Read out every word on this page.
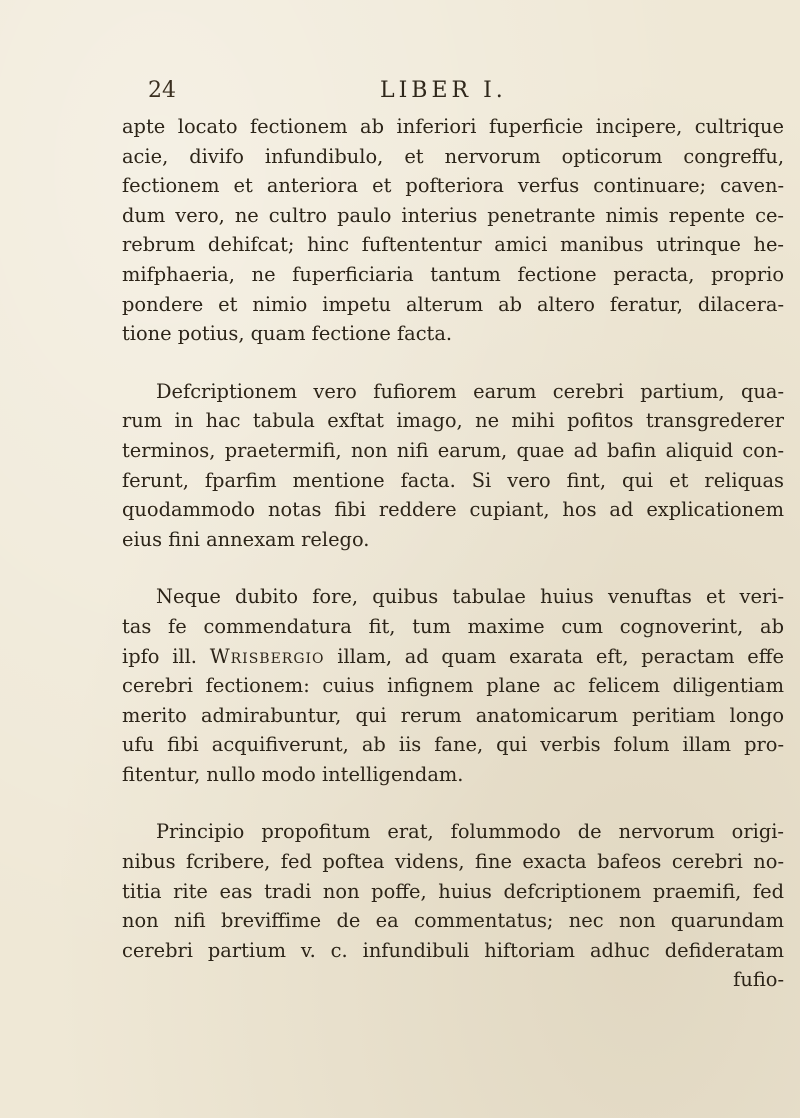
24	LIBER I.
apte locato fectionem ab inferiori fuperficie incipere, cultrique
acie, divifo infundibulo, et nervorum opticorum congreffu,
fectionem et anteriora et pofteriora verfus continuare; caven-
dum vero, ne cultro paulo interius penetrante nimis repente ce-
rebrum dehifcat; hinc fuftententur amici manibus utrinque he-
mifphaeria, ne fuperficiaria tantum fectione peracta, proprio
pondere et nimio impetu alterum ab altero feratur, dilacera-
tione potius, quam fectione facta.
Defcriptionem vero fufiorem earum cerebri partium, qua-
rum in hac tabula exftat imago, ne mihi pofitos transgrederer
terminos, praetermifi, non nifi earum, quae ad bafin aliquid con-
ferunt, fparfim mentione facta. Si vero fint, qui et reliquas
quodammodo notas fibi reddere cupiant, hos ad explicationem
eius fini annexam relego.
Neque dubito fore, quibus tabulae huius venuftas et veri-
tas fe commendatura fit, tum maxime cum cognoverint, ab
ipfo ill. Wrisbergio illam, ad quam exarata eft, peractam effe
cerebri fectionem: cuius infignem plane ac felicem diligentiam
merito admirabuntur, qui rerum anatomicarum peritiam longo
ufu fibi acquifiverunt, ab iis fane, qui verbis folum illam pro-
fitentur, nullo modo intelligendam.
Principio propofitum erat, folummodo de nervorum origi-
nibus fcribere, fed poftea videns, fine exacta bafeos cerebri no-
titia rite eas tradi non poffe, huius defcriptionem praemifi, fed
non nifi breviffime de ea commentatus; nec non quarundam
cerebri partium v. c. infundibuli hiftoriam adhuc defideratam
fufio-
